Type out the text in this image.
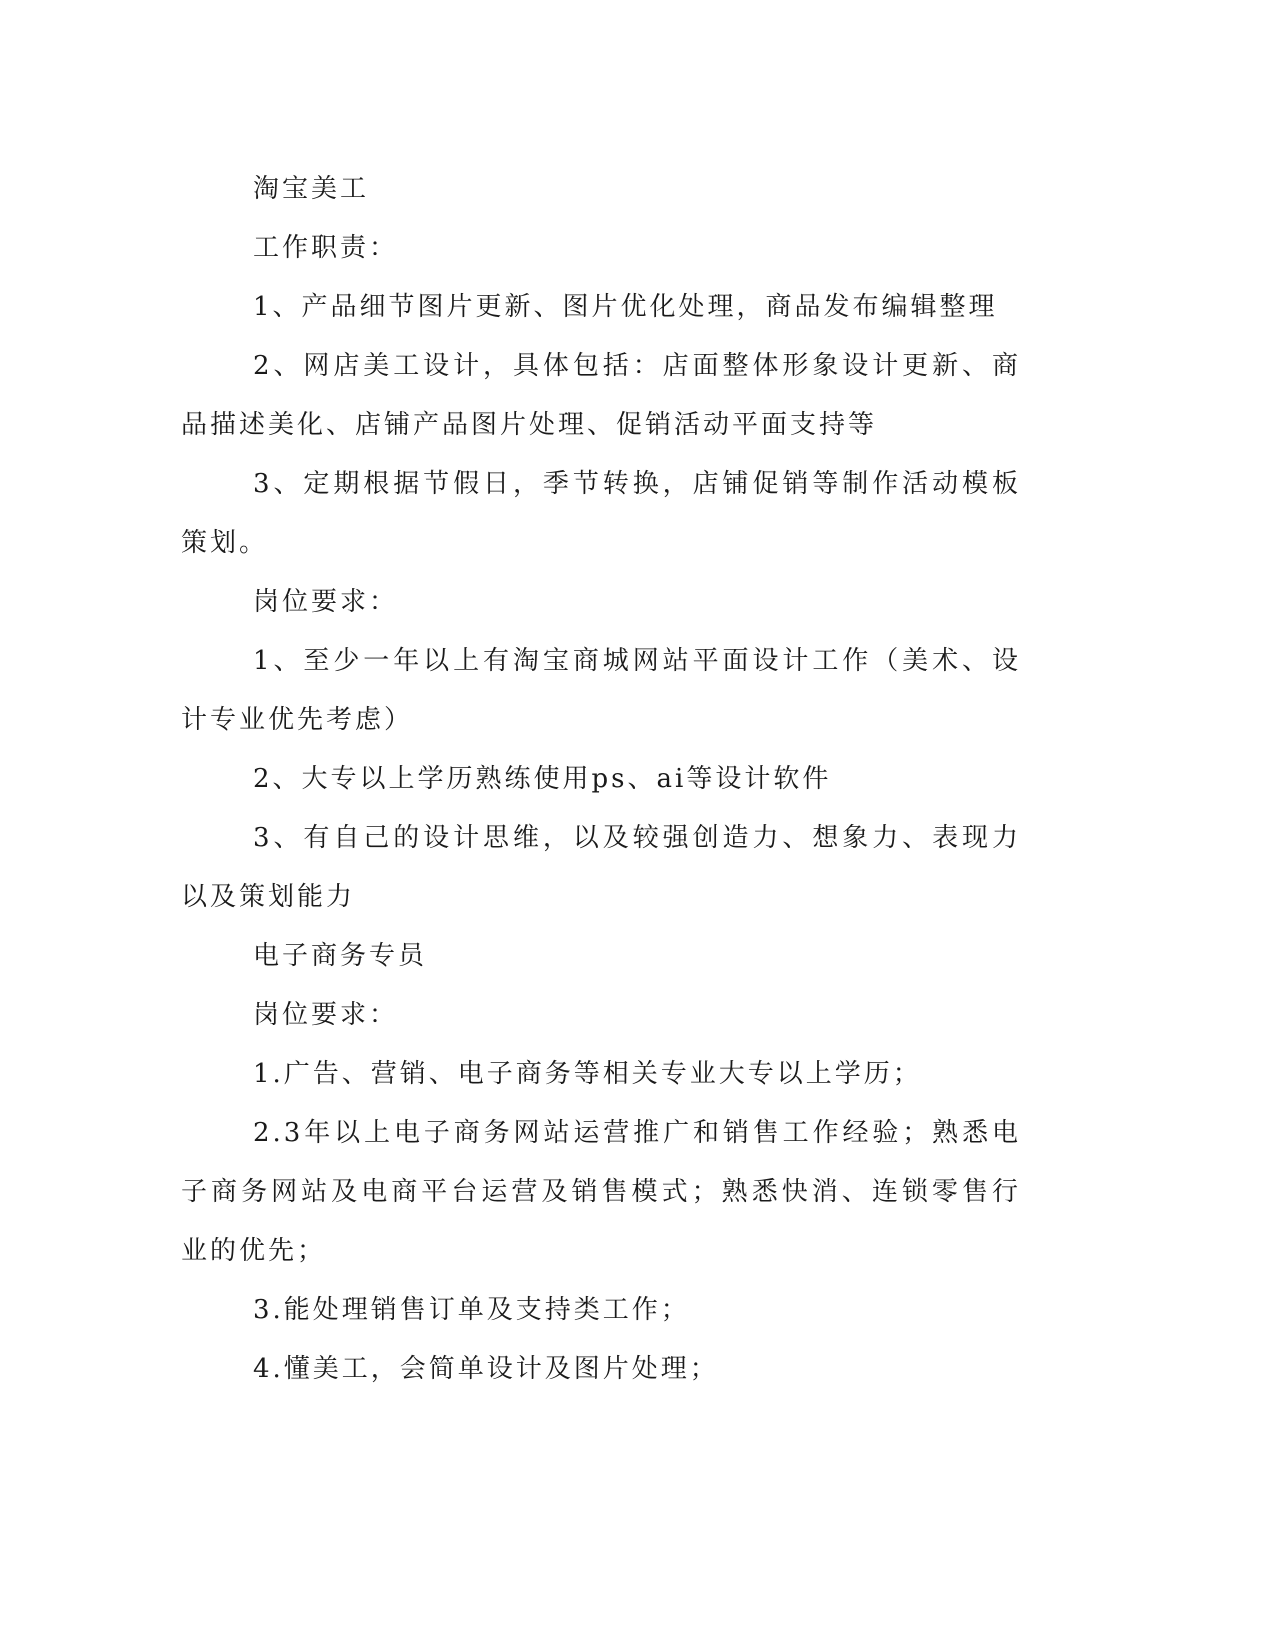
淘宝美工

工作职责：

1、产品细节图片更新、图片优化处理，商品发布编辑整理

2、网店美工设计，具体包括：店面整体形象设计更新、商品描述美化、店铺产品图片处理、促销活动平面支持等

3、定期根据节假日，季节转换，店铺促销等制作活动模板策划。

岗位要求：

1、至少一年以上有淘宝商城网站平面设计工作（美术、设计专业优先考虑）

2、大专以上学历熟练使用ps、ai等设计软件

3、有自己的设计思维，以及较强创造力、想象力、表现力以及策划能力

电子商务专员

岗位要求：

1.广告、营销、电子商务等相关专业大专以上学历；

2.3年以上电子商务网站运营推广和销售工作经验；熟悉电子商务网站及电商平台运营及销售模式；熟悉快消、连锁零售行业的优先；

3.能处理销售订单及支持类工作；

4.懂美工，会简单设计及图片处理；
